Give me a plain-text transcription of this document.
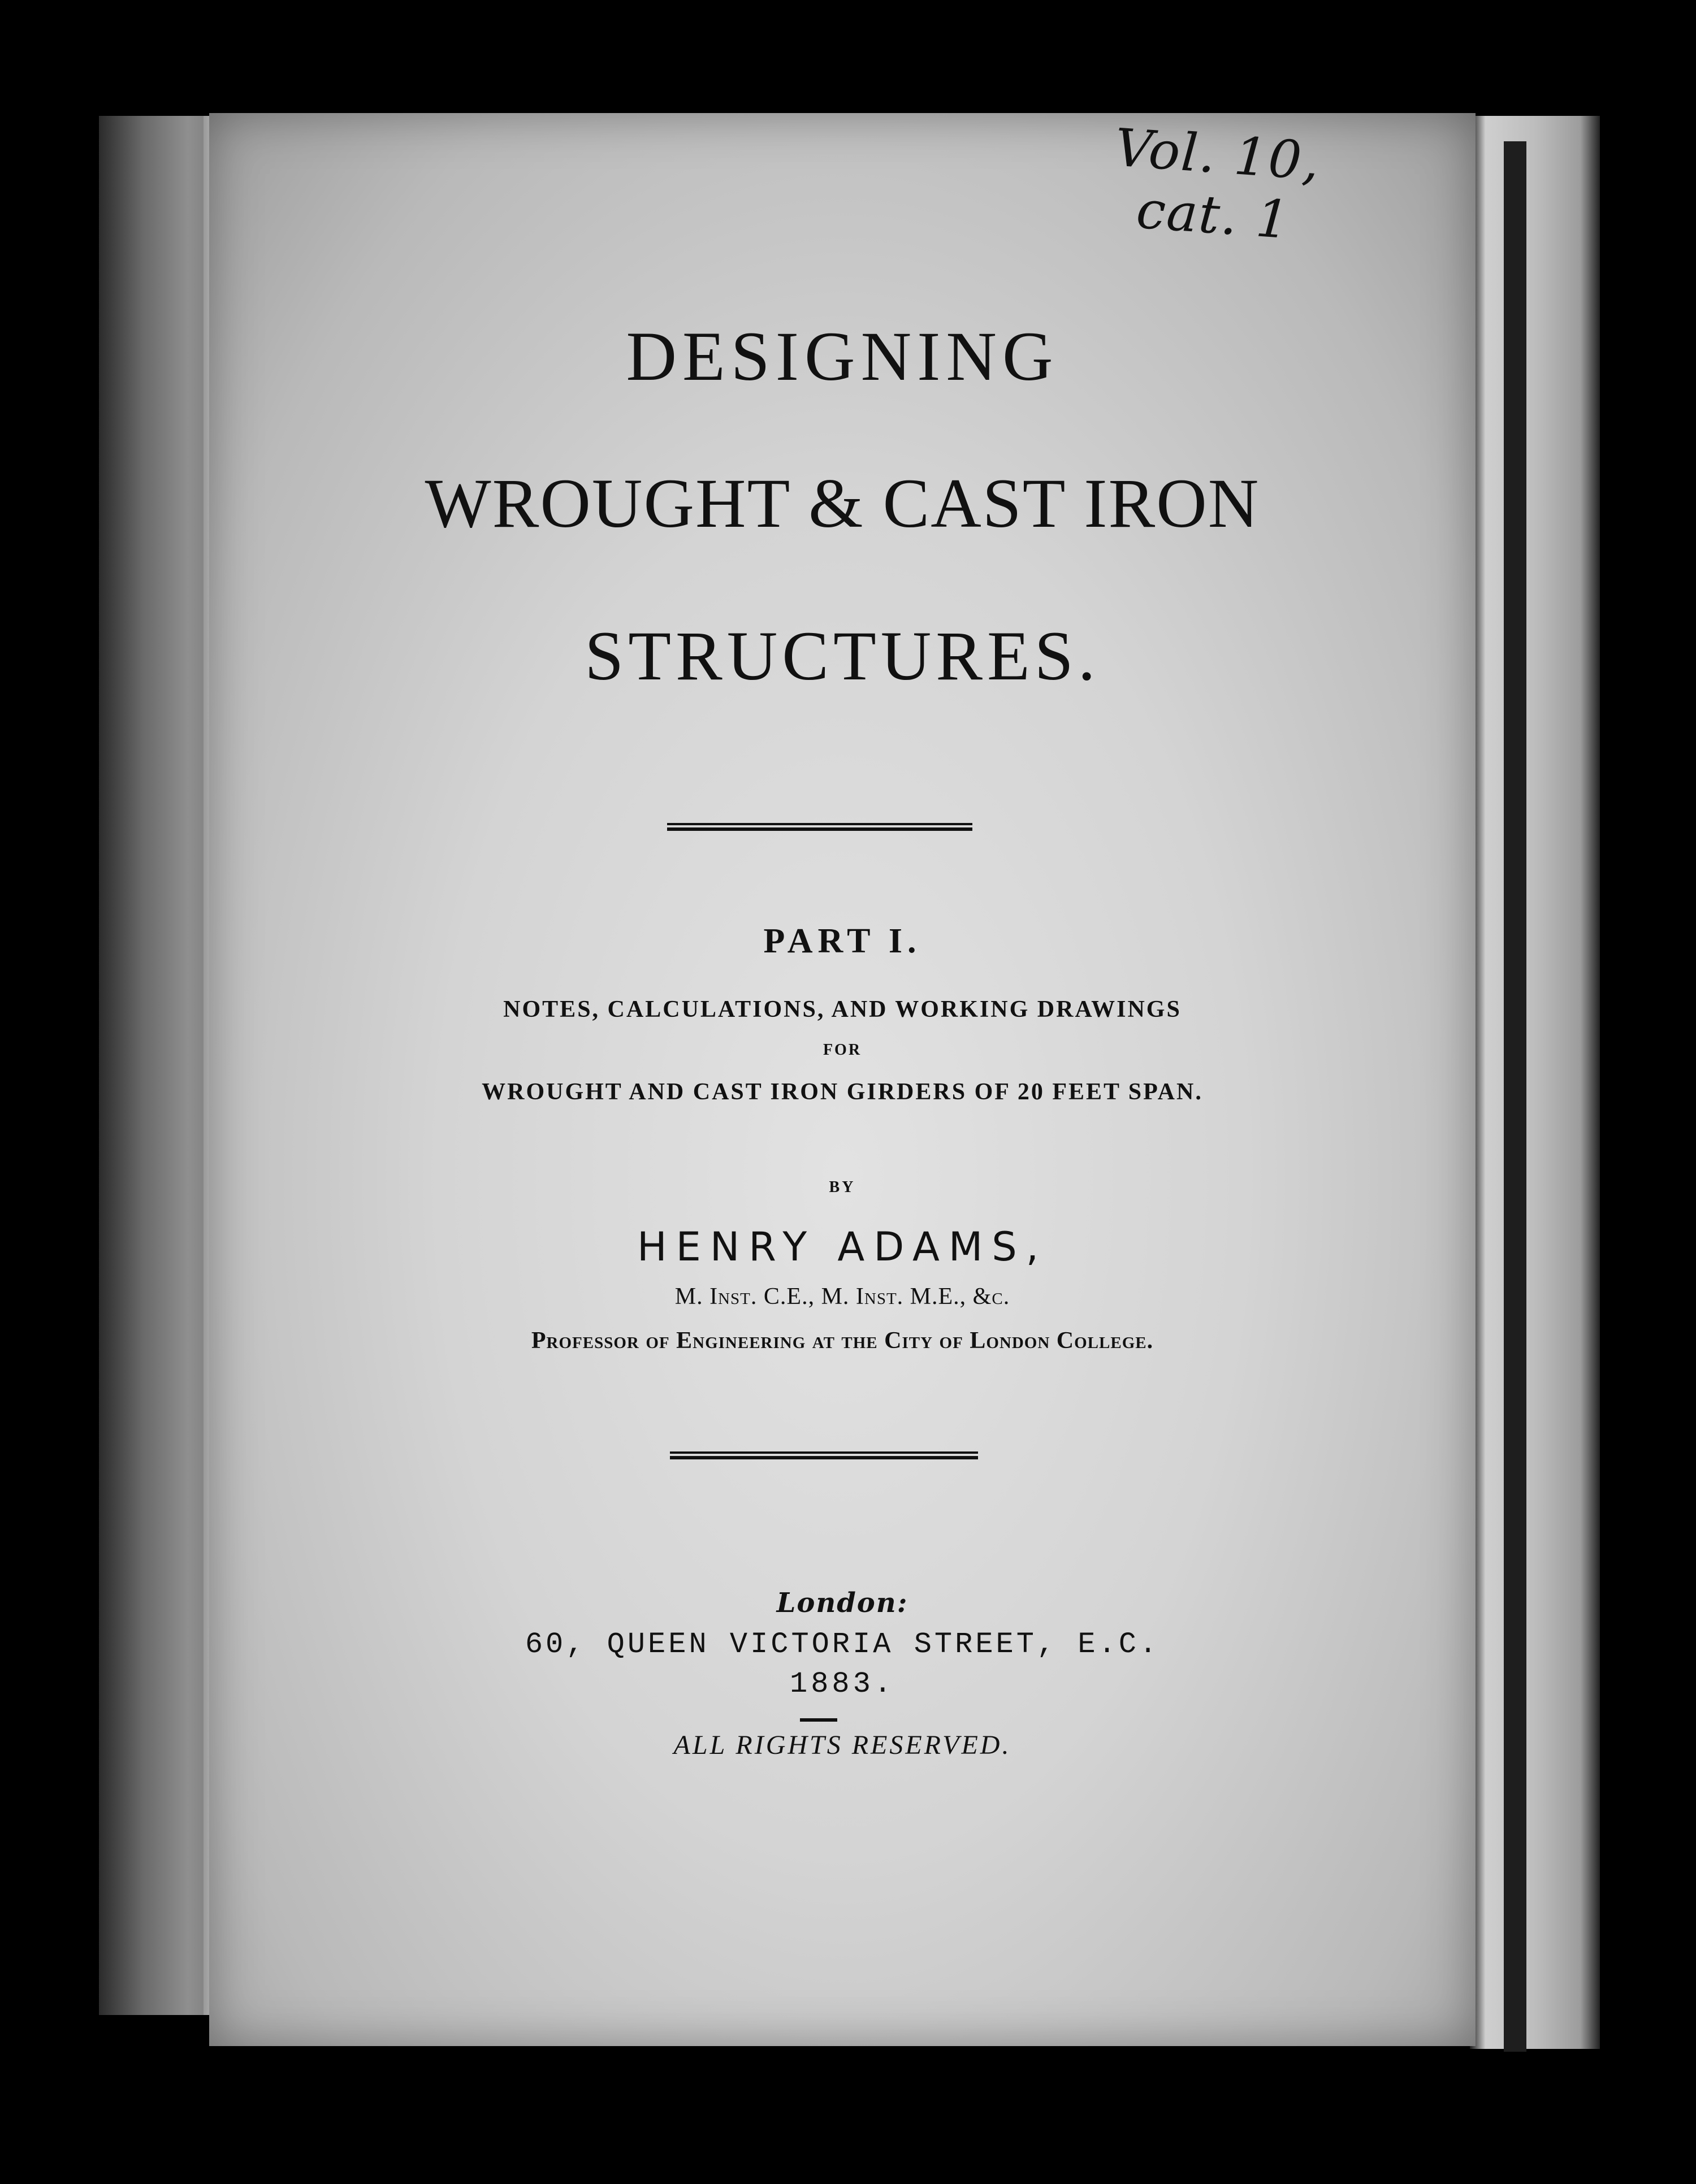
Vol. 10, cat. 1
DESIGNING
WROUGHT & CAST IRON
STRUCTURES.
PART I.
NOTES, CALCULATIONS, AND WORKING DRAWINGS
FOR
WROUGHT AND CAST IRON GIRDERS OF 20 FEET SPAN.
BY
HENRY ADAMS,
M. Inst. C.E., M. Inst. M.E., &c.
Professor of Engineering at the City of London College.
London:
60, QUEEN VICTORIA STREET, E.C.
1883.
ALL RIGHTS RESERVED.
